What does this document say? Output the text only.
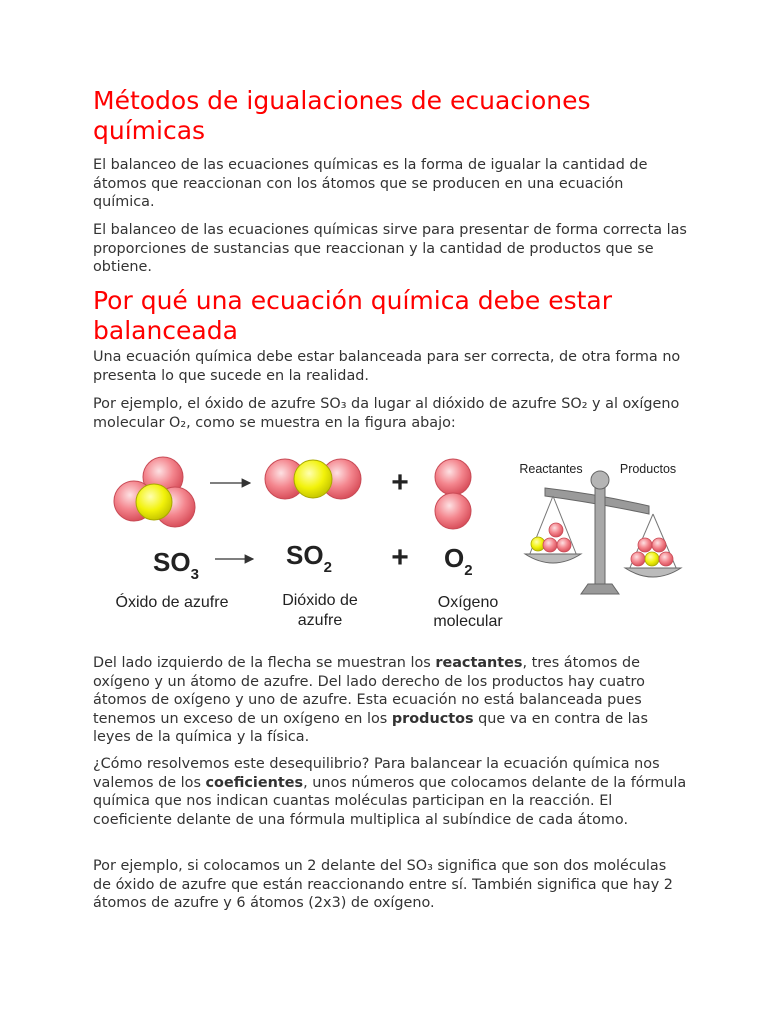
Métodos de igualaciones de ecuaciones químicas

El balanceo de las ecuaciones químicas es la forma de igualar la cantidad de átomos que reaccionan con los átomos que se producen en una ecuación química.

El balanceo de las ecuaciones químicas sirve para presentar de forma correcta las proporciones de sustancias que reaccionan y la cantidad de productos que se obtiene.

Por qué una ecuación química debe estar balanceada

Una ecuación química debe estar balanceada para ser correcta, de otra forma no presenta lo que sucede en la realidad.

Por ejemplo, el óxido de azufre SO₃ da lugar al dióxido de azufre SO₂ y al oxígeno molecular O₂, como se muestra en la figura abajo:

Del lado izquierdo de la flecha se muestran los reactantes, tres átomos de oxígeno y un átomo de azufre. Del lado derecho de los productos hay cuatro átomos de oxígeno y uno de azufre. Esta ecuación no está balanceada pues tenemos un exceso de un oxígeno en los productos que va en contra de las leyes de la química y la física.

¿Cómo resolvemos este desequilibrio? Para balancear la ecuación química nos valemos de los coeficientes, unos números que colocamos delante de la fórmula química que nos indican cuantas moléculas participan en la reacción. El coeficiente delante de una fórmula multiplica al subíndice de cada átomo.

Por ejemplo, si colocamos un 2 delante del SO₃ significa que son dos moléculas de óxido de azufre que están reaccionando entre sí. También significa que hay 2 átomos de azufre y 6 átomos (2x3) de oxígeno.

+
$SO_3$
$SO_2 + O_2$
Óxido de azufre	Dióxido de
azufre
Oxígeno
molecular
Reactantes	Productos
